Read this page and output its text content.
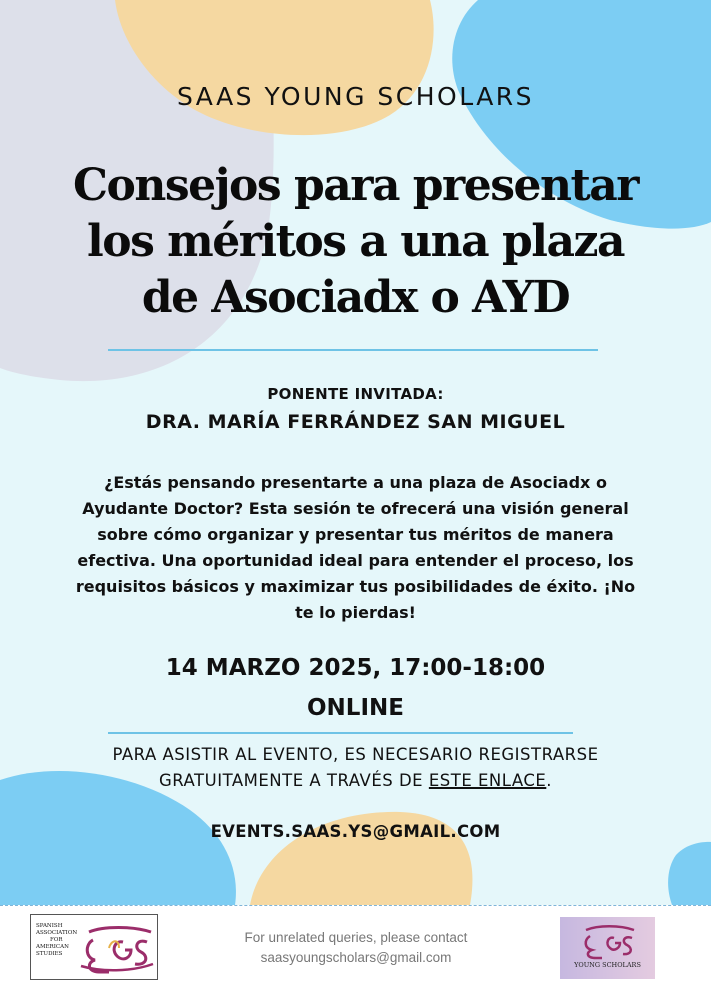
SAAS YOUNG SCHOLARS
Consejos para presentar
los méritos a una plaza
de Asociadx o AYD
PONENTE INVITADA:
DRA. MARÍA FERRÁNDEZ SAN MIGUEL
¿Estás pensando presentarte a una plaza de Asociadx o Ayudante Doctor? Esta sesión te ofrecerá una visión general sobre cómo organizar y presentar tus méritos de manera efectiva. Una oportunidad ideal para entender el proceso, los requisitos básicos y maximizar tus posibilidades de éxito. ¡No te lo pierdas!
14 MARZO 2025, 17:00-18:00
ONLINE
PARA ASISTIR AL EVENTO, ES NECESARIO REGISTRARSE
GRATUITAMENTE A TRAVÉS DE ESTE ENLACE.
EVENTS.SAAS.YS@GMAIL.COM
SPANISH
ASSOCIATION
FOR
AMERICAN
STUDIES
For unrelated queries, please contact
saasyoungscholars@gmail.com	YOUNG SCHOLARS
